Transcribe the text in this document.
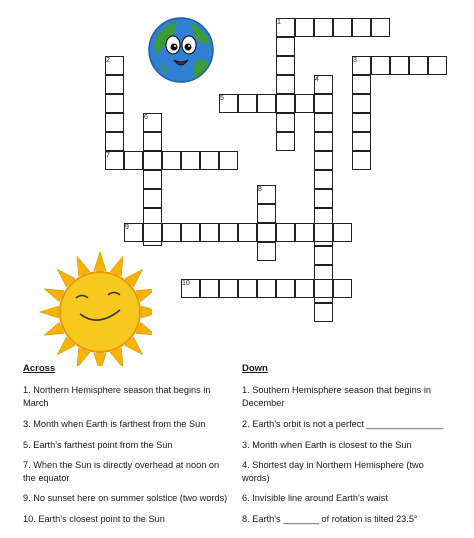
1
2	3
4
5
6
7
8
9
10
Across	Down
1. Northern Hemisphere season that begins in March
3. Month when Earth is farthest from the Sun
5. Earth’s farthest point from the Sun
7. When the Sun is directly overhead at noon on the equator
9. No sunset here on summer solstice (two words)
10. Earth’s closest point to the Sun
1. Southern Hemisphere season that begins in December
2. Earth’s orbit is not a perfect _______________
3. Month when Earth is closest to the Sun
4. Shortest day in Northern Hemisphere (two words)
6. Invisible line around Earth’s waist
8. Earth’s _______ of rotation is tilted 23.5°
